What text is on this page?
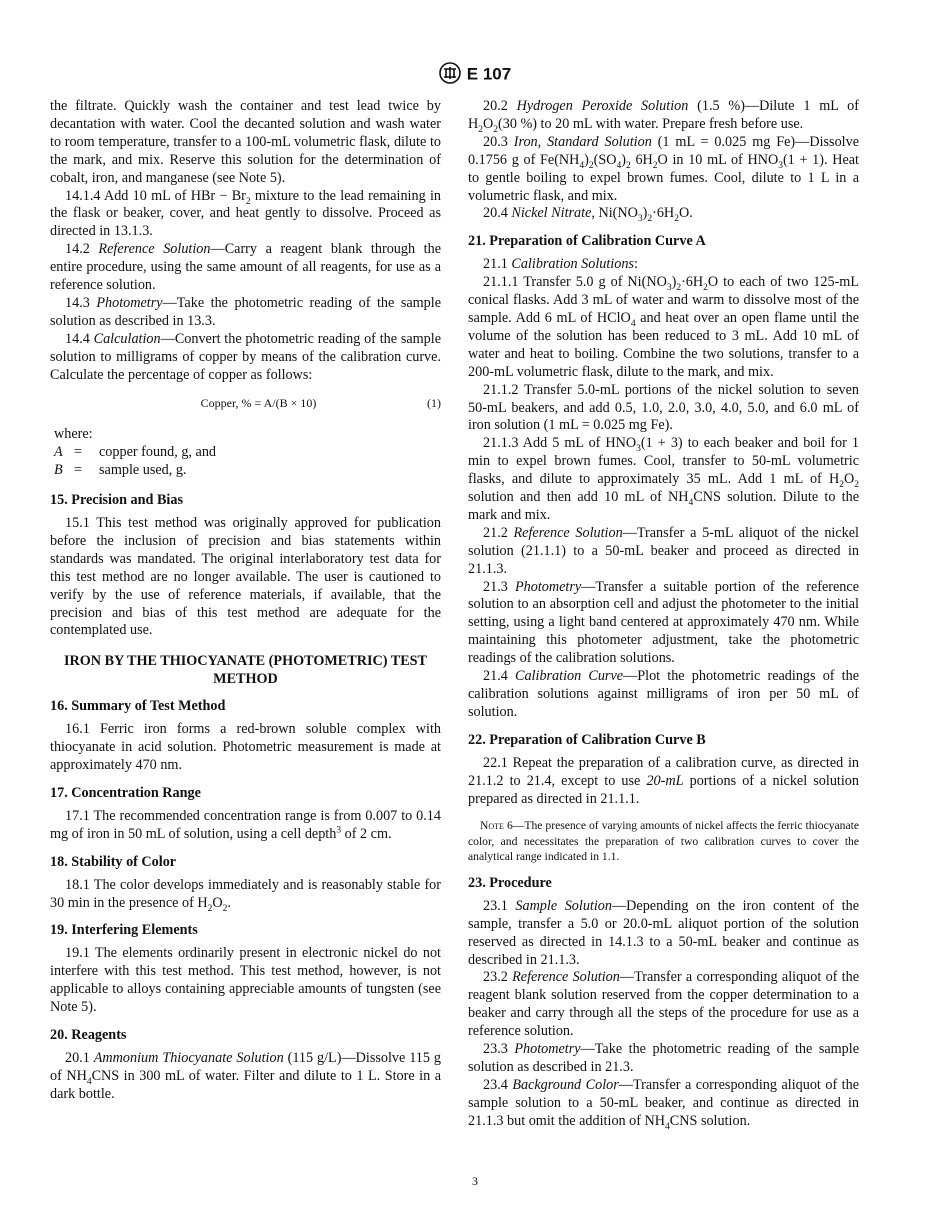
E 107

the filtrate. Quickly wash the container and test lead twice by decantation with water. Cool the decanted solution and wash water to room temperature, transfer to a 100-mL volumetric flask, dilute to the mark, and mix. Reserve this solution for the determination of cobalt, iron, and manganese (see Note 5).

14.1.4 Add 10 mL of HBr − $Br_2$ mixture to the lead remaining in the flask or beaker, cover, and heat gently to dissolve. Proceed as directed in 13.1.3.

14.2 Reference Solution—Carry a reagent blank through the entire procedure, using the same amount of all reagents, for use as a reference solution.

14.3 Photometry—Take the photometric reading of the sample solution as described in 13.3.

14.4 Calculation—Convert the photometric reading of the sample solution to milligrams of copper by means of the calibration curve. Calculate the percentage of copper as follows:

Copper, % = A/(B × 10)	(1)
where:
A =	copper found, g, and
B =	sample used, g.
15. Precision and Bias

15.1 This test method was originally approved for publication before the inclusion of precision and bias statements within standards was mandated. The original interlaboratory test data for this test method are no longer available. The user is cautioned to verify by the use of reference materials, if available, that the precision and bias of this test method are adequate for the contemplated use.

IRON BY THE THIOCYANATE (PHOTOMETRIC) TEST METHOD
16. Summary of Test Method

16.1 Ferric iron forms a red-brown soluble complex with thiocyanate in acid solution. Photometric measurement is made at approximately 470 nm.

17. Concentration Range

17.1 The recommended concentration range is from 0.007 to 0.14 mg of iron in 50 mL of solution, using a cell depth$^3$ of 2 cm.

18. Stability of Color

18.1 The color develops immediately and is reasonably stable for 30 min in the presence of $H_2O_2$.

19. Interfering Elements

19.1 The elements ordinarily present in electronic nickel do not interfere with this test method. This test method, however, is not applicable to alloys containing appreciable amounts of tungsten (see Note 5).

20. Reagents

20.1 Ammonium Thiocyanate Solution (115 g/L)—Dissolve 115 g of $NH_4CNS$ in 300 mL of water. Filter and dilute to 1 L. Store in a dark bottle.

20.2 Hydrogen Peroxide Solution (1.5 %)—Dilute 1 mL of $H_2O_2(30$ %) to 20 mL with water. Prepare fresh before use.

20.3 Iron, Standard Solution (1 mL = 0.025 mg Fe)—Dissolve 0.1756 g of $Fe(NH_4)_2(SO_4)_2$ $6H_2O$ in 10 mL of $HNO_3(1 + 1)$. Heat to gentle boiling to expel brown fumes. Cool, dilute to 1 L in a volumetric flask, and mix.

20.4 Nickel Nitrate, $Ni(NO_3)_2\cdot 6H_2O$.

21. Preparation of Calibration Curve A

21.1 Calibration Solutions:

21.1.1 Transfer 5.0 g of $Ni(NO_3)_2\cdot 6H_2O$ to each of two 125-mL conical flasks. Add 3 mL of water and warm to dissolve most of the sample. Add 6 mL of HClO$_4$ and heat over an open flame until the volume of the solution has been reduced to 3 mL. Add 10 mL of water and heat to boiling. Combine the two solutions, transfer to a 200-mL volumetric flask, dilute to the mark, and mix.

21.1.2 Transfer 5.0-mL portions of the nickel solution to seven 50-mL beakers, and add 0.5, 1.0, 2.0, 3.0, 4.0, 5.0, and 6.0 mL of iron solution (1 mL = 0.025 mg Fe).

21.1.3 Add 5 mL of $HNO_3(1 + 3)$ to each beaker and boil for 1 min to expel brown fumes. Cool, transfer to 50-mL volumetric flasks, and dilute to approximately 35 mL. Add 1 mL of $H_2O_2$ solution and then add 10 mL of $NH_4CNS$ solution. Dilute to the mark and mix.

21.2 Reference Solution—Transfer a 5-mL aliquot of the nickel solution (21.1.1) to a 50-mL beaker and proceed as directed in 21.1.3.

21.3 Photometry—Transfer a suitable portion of the reference solution to an absorption cell and adjust the photometer to the initial setting, using a light band centered at approximately 470 nm. While maintaining this photometer adjustment, take the photometric readings of the calibration solutions.

21.4 Calibration Curve—Plot the photometric readings of the calibration solutions against milligrams of iron per 50 mL of solution.

22. Preparation of Calibration Curve B

22.1 Repeat the preparation of a calibration curve, as directed in 21.1.2 to 21.4, except to use 20-mL portions of a nickel solution prepared as directed in 21.1.1.

Note 6—The presence of varying amounts of nickel affects the ferric thiocyanate color, and necessitates the preparation of two calibration curves to cover the analytical range indicated in 1.1.
23. Procedure

23.1 Sample Solution—Depending on the iron content of the sample, transfer a 5.0 or 20.0-mL aliquot portion of the solution reserved as directed in 14.1.3 to a 50-mL beaker and continue as described in 21.1.3.

23.2 Reference Solution—Transfer a corresponding aliquot of the reagent blank solution reserved from the copper determination to a beaker and carry through all the steps of the procedure for use as a reference solution.

23.3 Photometry—Take the photometric reading of the sample solution as described in 21.3.

23.4 Background Color—Transfer a corresponding aliquot of the sample solution to a 50-mL beaker, and continue as directed in 21.1.3 but omit the addition of $NH_4CNS$ solution.

3
